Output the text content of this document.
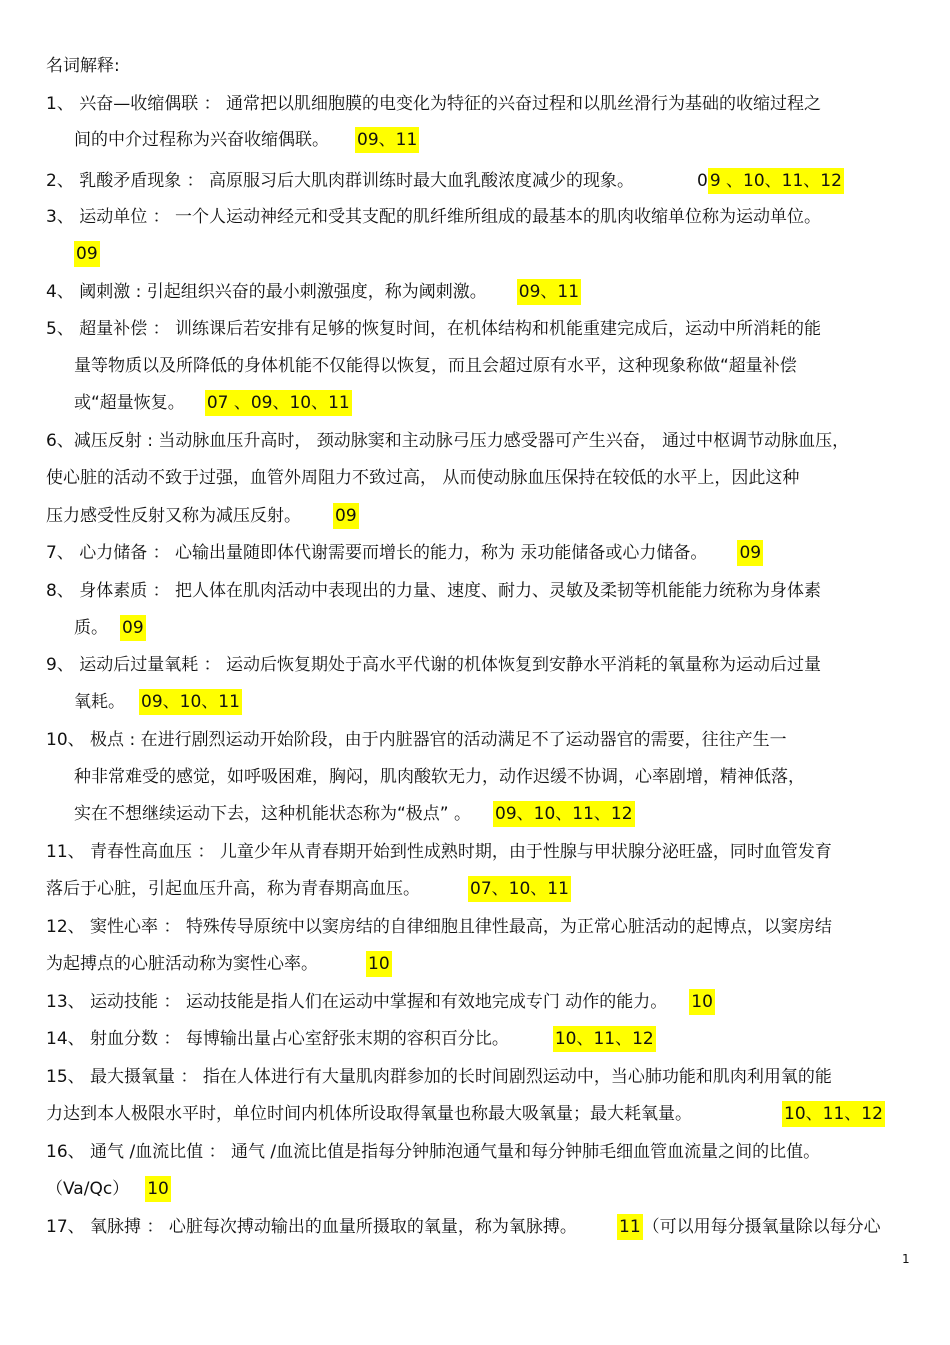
名词解释:
1、 兴奋—收缩偶联 ： 通常把以肌细胞膜的电变化为特征的兴奋过程和以肌丝滑行为基础的收缩过程之
间的中介过程称为兴奋收缩偶联。 09、11
2、 乳酸矛盾现象 ： 高原服习后大肌肉群训练时最大血乳酸浓度减少的现象。	0 9 、10、11、12
3、 运动单位 ： 一个人运动神经元和受其支配的肌纤维所组成的最基本的肌肉收缩单位称为运动单位。
09
4、 阈刺激 : 引起组织兴奋的最小刺激强度，称为阈刺激。 09、11
5、 超量补偿 ： 训练课后若安排有足够的恢复时间，在机体结构和机能重建完成后，运动中所消耗的能
量等物质以及所降低的身体机能不仅能得以恢复，而且会超过原有水平，这种现象称做“超量补偿
或“超量恢复。 07 、09、10、11
6、减压反射 : 当动脉血压升高时， 颈动脉窦和主动脉弓压力感受器可产生兴奋， 通过中枢调节动脉血压，
使心脏的活动不致于过强，血管外周阻力不致过高， 从而使动脉血压保持在较低的水平上，因此这种
压力感受性反射又称为减压反射。 09
7、 心力储备 ： 心输出量随即体代谢需要而增长的能力，称为 汞功能储备或心力储备。 09
8、 身体素质 ： 把人体在肌肉活动中表现出的力量、速度、耐力、灵敏及柔韧等机能能力统称为身体素
质。 09
9、 运动后过量氧耗 ： 运动后恢复期处于高水平代谢的机体恢复到安静水平消耗的氧量称为运动后过量
氧耗。 09、10、11
10、 极点 : 在进行剧烈运动开始阶段，由于内脏器官的活动满足不了运动器官的需要，往往产生一
种非常难受的感觉，如呼吸困难，胸闷，肌肉酸软无力，动作迟缓不协调，心率剧增，精神低落，
实在不想继续运动下去，这种机能状态称为“极点” 。 09、10、11、12
11、 青春性高血压 ： 儿童少年从青春期开始到性成熟时期，由于性腺与甲状腺分泌旺盛，同时血管发育
落后于心脏，引起血压升高，称为青春期高血压。	07、10、11
12、 窦性心率 ： 特殊传导原统中以窦房结的自律细胞且律性最高，为正常心脏活动的起博点，以窦房结
为起搏点的心脏活动称为窦性心率。	10
13、 运动技能 ： 运动技能是指人们在运动中掌握和有效地完成专门 动作的能力。 10
14、 射血分数 ： 每博输出量占心室舒张末期的容积百分比。	10、11、12
15、 最大摄氧量 ： 指在人体进行有大量肌肉群参加的长时间剧烈运动中，当心肺功能和肌肉利用氧的能
力达到本人极限水平时，单位时间内机体所设取得氧量也称最大吸氧量；最大耗氧量。	10、11、12
16、 通气 /血流比值 ： 通气 /血流比值是指每分钟肺泡通气量和每分钟肺毛细血管血流量之间的比值。
（Va/Qc） 10
17、 氧脉搏 ： 心脏每次搏动输出的血量所摄取的氧量，称为氧脉搏。 11 （可以用每分摄氧量除以每分心
1
